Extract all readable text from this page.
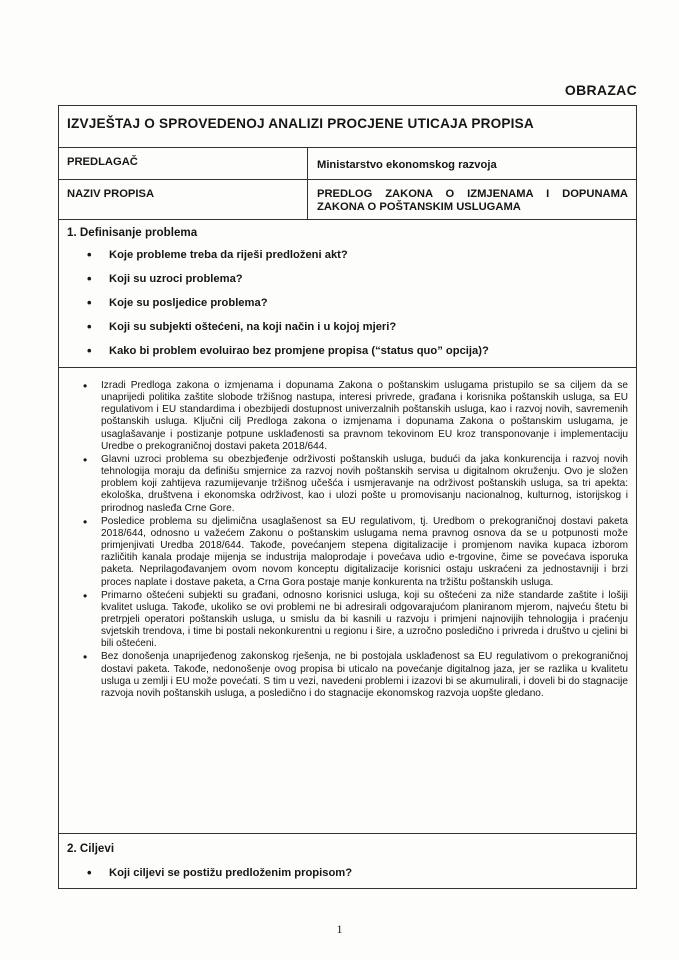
OBRAZAC
IZVJEŠTAJ O SPROVEDENOJ ANALIZI PROCJENE UTICAJA PROPISA
PREDLAGAČ	Ministarstvo ekonomskog razvoja
NAZIV PROPISA	PREDLOG ZAKONA O IZMJENAMA I DOPUNAMA ZAKONA O POŠTANSKIM USLUGAMA
1. Definisanje problema
• Koje probleme treba da riješi predloženi akt?
• Koji su uzroci problema?
• Koje su posljedice problema?
• Koji su subjekti oštećeni, na koji način i u kojoj mjeri?
• Kako bi problem evoluirao bez promjene propisa (“status quo” opcija)?
• Izradi Predloga zakona o izmjenama i dopunama Zakona o poštanskim uslugama pristupilo se sa ciljem da se unaprijedi politika zaštite slobode tržišnog nastupa, interesi privrede, građana i korisnika poštanskih usluga, sa EU regulativom i EU standardima i obezbijedi dostupnost univerzalnih poštanskih usluga, kao i razvoj novih, savremenih poštanskih usluga. Ključni cilj Predloga zakona o izmjenama i dopunama Zakona o poštanskim uslugama, je usaglašavanje i postizanje potpune usklađenosti sa pravnom tekovinom EU kroz transponovanje i implementaciju Uredbe o prekograničnoj dostavi paketa 2018/644.
• Glavni uzroci problema su obezbjeđenje održivosti poštanskih usluga, budući da jaka konkurencija i razvoj novih tehnologija moraju da definišu smjernice za razvoj novih poštanskih servisa u digitalnom okruženju. Ovo je složen problem koji zahtijeva razumijevanje tržišnog učešća i usmjeravanje na održivost poštanskih usluga, sa tri apekta: ekološka, društvena i ekonomska održivost, kao i ulozi pošte u promovisanju nacionalnog, kulturnog, istorijskog i prirodnog nasleđa Crne Gore.
• Posledice problema su djelimična usaglašenost sa EU regulativom, tj. Uredbom o prekograničnoj dostavi paketa 2018/644, odnosno u važećem Zakonu o poštanskim uslugama nema pravnog osnova da se u potpunosti može primjenjivati Uredba 2018/644. Takođe, povećanjem stepena digitalizacije i promjenom navika kupaca izborom različitih kanala prodaje mijenja se industrija maloprodaje i povećava udio e-trgovine, čime se povećava isporuka paketa. Neprilagođavanjem ovom novom konceptu digitalizacije korisnici ostaju uskraćeni za jednostavniji i brzi proces naplate i dostave paketa, a Crna Gora postaje manje konkurenta na tržištu poštanskih usluga.
• Primarno oštećeni subjekti su građani, odnosno korisnici usluga, koji su oštećeni za niže standarde zaštite i lošiji kvalitet usluga. Takođe, ukoliko se ovi problemi ne bi adresirali odgovarajućom planiranom mjerom, najveću štetu bi pretrpjeli operatori poštanskih usluga, u smislu da bi kasnili u razvoju i primjeni najnovijih tehnologija i praćenju svjetskih trendova, i time bi postali nekonkurentni u regionu i šire, a uzročno posledično i privreda i društvo u cjelini bi bili oštećeni.
• Bez donošenja unaprijeđenog zakonskog rješenja, ne bi postojala usklađenost sa EU regulativom o prekograničnoj dostavi paketa. Takođe, nedonošenje ovog propisa bi uticalo na povećanje digitalnog jaza, jer se razlika u kvalitetu usluga u zemlji i EU može povećati. S tim u vezi, navedeni problemi i izazovi bi se akumulirali, i doveli bi do stagnacije razvoja novih poštanskih usluga, a posledično i do stagnacije ekonomskog razvoja uopšte gledano.
2. Ciljevi
• Koji ciljevi se postižu predloženim propisom?
1
